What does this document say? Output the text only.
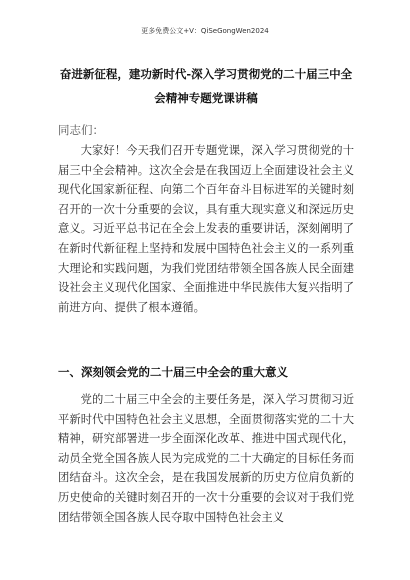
更多免费公文+V：QiSeGongWen2024
奋进新征程，建功新时代-深入学习贯彻党的二十届三中全会精神专题党课讲稿
同志们：
大家好！今天我们召开专题党课，深入学习贯彻党的十届三中全会精神。这次全会是在我国迈上全面建设社会主义现代化国家新征程、向第二个百年奋斗目标进军的关键时刻召开的一次十分重要的会议，具有重大现实意义和深远历史意义。习近平总书记在全会上发表的重要讲话，深刻阐明了在新时代新征程上坚持和发展中国特色社会主义的一系列重大理论和实践问题，为我们党团结带领全国各族人民全面建设社会主义现代化国家、全面推进中华民族伟大复兴指明了前进方向、提供了根本遵循。
一、深刻领会党的二十届三中全会的重大意义
党的二十届三中全会的主要任务是，深入学习贯彻习近平新时代中国特色社会主义思想，全面贯彻落实党的二十大精神，研究部署进一步全面深化改革、推进中国式现代化，动员全党全国各族人民为完成党的二十大确定的目标任务而团结奋斗。这次全会，是在我国发展新的历史方位肩负新的历史使命的关键时刻召开的一次十分重要的会议对于我们党团结带领全国各族人民夺取中国特色社会主义
